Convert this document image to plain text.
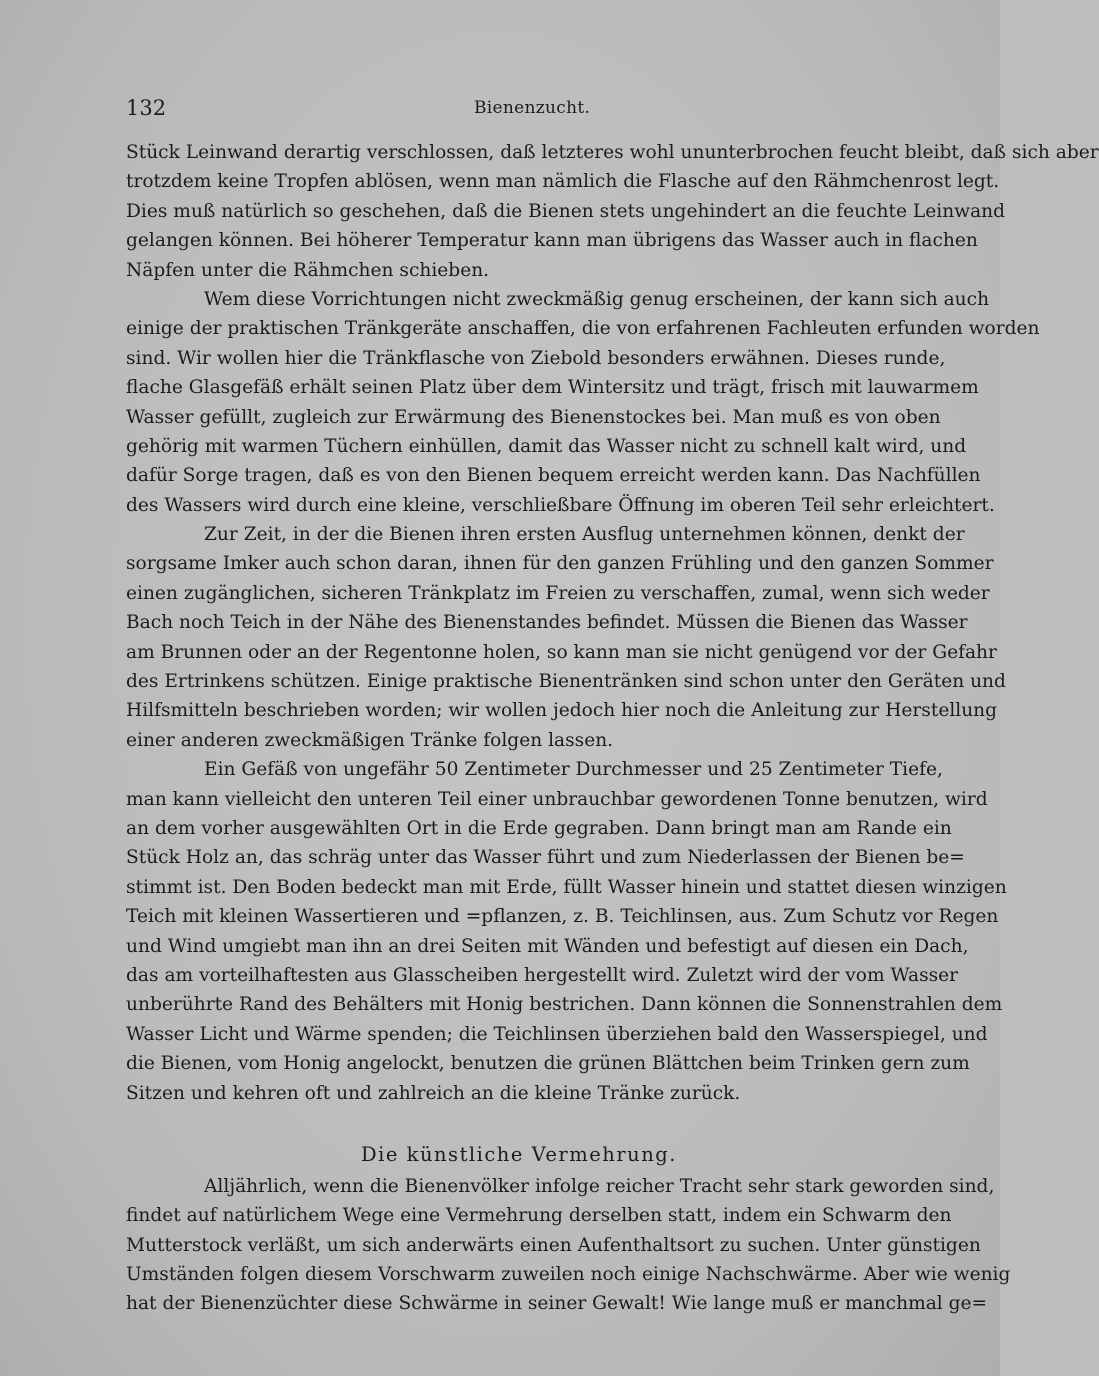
132	Bienenzucht.
Stück Leinwand derartig verschlossen, daß letzteres wohl ununterbrochen feucht bleibt, daß sich aber
trotzdem keine Tropfen ablösen, wenn man nämlich die Flasche auf den Rähmchenrost legt.
Dies muß natürlich so geschehen, daß die Bienen stets ungehindert an die feuchte Leinwand
gelangen können. Bei höherer Temperatur kann man übrigens das Wasser auch in flachen
Näpfen unter die Rähmchen schieben.
Wem diese Vorrichtungen nicht zweckmäßig genug erscheinen, der kann sich auch
einige der praktischen Tränkgeräte anschaffen, die von erfahrenen Fachleuten erfunden worden
sind. Wir wollen hier die Tränkflasche von Ziebold besonders erwähnen. Dieses runde,
flache Glasgefäß erhält seinen Platz über dem Wintersitz und trägt, frisch mit lauwarmem
Wasser gefüllt, zugleich zur Erwärmung des Bienenstockes bei. Man muß es von oben
gehörig mit warmen Tüchern einhüllen, damit das Wasser nicht zu schnell kalt wird, und
dafür Sorge tragen, daß es von den Bienen bequem erreicht werden kann. Das Nachfüllen
des Wassers wird durch eine kleine, verschließbare Öffnung im oberen Teil sehr erleichtert.
Zur Zeit, in der die Bienen ihren ersten Ausflug unternehmen können, denkt der
sorgsame Imker auch schon daran, ihnen für den ganzen Frühling und den ganzen Sommer
einen zugänglichen, sicheren Tränkplatz im Freien zu verschaffen, zumal, wenn sich weder
Bach noch Teich in der Nähe des Bienenstandes befindet. Müssen die Bienen das Wasser
am Brunnen oder an der Regentonne holen, so kann man sie nicht genügend vor der Gefahr
des Ertrinkens schützen. Einige praktische Bienentränken sind schon unter den Geräten und
Hilfsmitteln beschrieben worden; wir wollen jedoch hier noch die Anleitung zur Herstellung
einer anderen zweckmäßigen Tränke folgen lassen.
Ein Gefäß von ungefähr 50 Zentimeter Durchmesser und 25 Zentimeter Tiefe,
man kann vielleicht den unteren Teil einer unbrauchbar gewordenen Tonne benutzen, wird
an dem vorher ausgewählten Ort in die Erde gegraben. Dann bringt man am Rande ein
Stück Holz an, das schräg unter das Wasser führt und zum Niederlassen der Bienen be=
stimmt ist. Den Boden bedeckt man mit Erde, füllt Wasser hinein und stattet diesen winzigen
Teich mit kleinen Wassertieren und =pflanzen, z. B. Teichlinsen, aus. Zum Schutz vor Regen
und Wind umgiebt man ihn an drei Seiten mit Wänden und befestigt auf diesen ein Dach,
das am vorteilhaftesten aus Glasscheiben hergestellt wird. Zuletzt wird der vom Wasser
unberührte Rand des Behälters mit Honig bestrichen. Dann können die Sonnenstrahlen dem
Wasser Licht und Wärme spenden; die Teichlinsen überziehen bald den Wasserspiegel, und
die Bienen, vom Honig angelockt, benutzen die grünen Blättchen beim Trinken gern zum
Sitzen und kehren oft und zahlreich an die kleine Tränke zurück.
Die künstliche Vermehrung.
Alljährlich, wenn die Bienenvölker infolge reicher Tracht sehr stark geworden sind,
findet auf natürlichem Wege eine Vermehrung derselben statt, indem ein Schwarm den
Mutterstock verläßt, um sich anderwärts einen Aufenthaltsort zu suchen. Unter günstigen
Umständen folgen diesem Vorschwarm zuweilen noch einige Nachschwärme. Aber wie wenig
hat der Bienenzüchter diese Schwärme in seiner Gewalt! Wie lange muß er manchmal ge=
